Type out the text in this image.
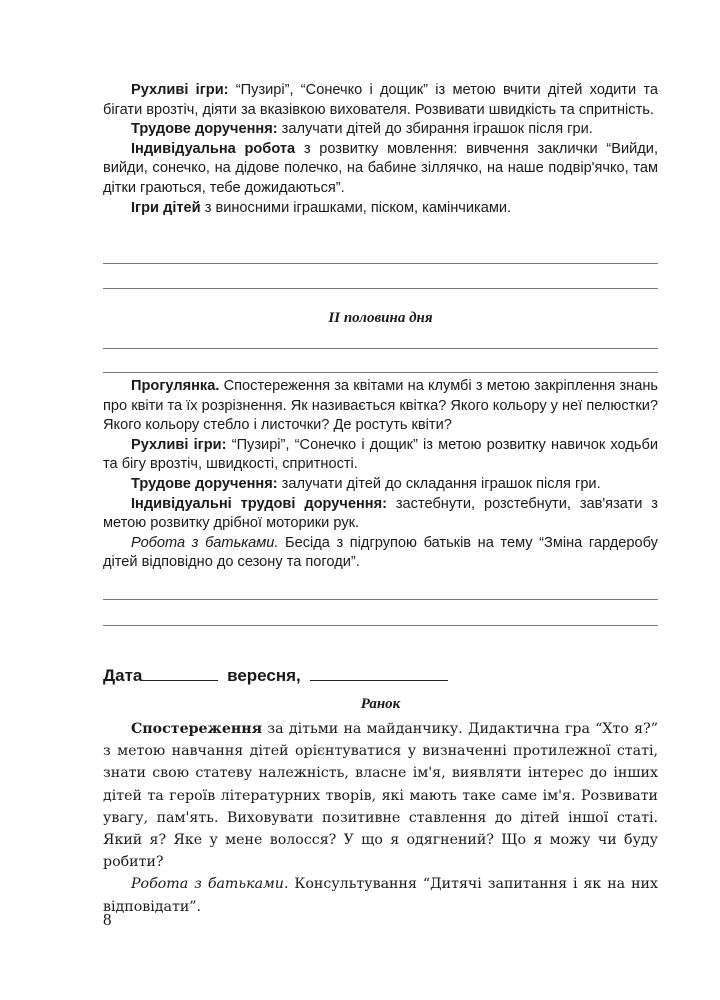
Рухливі ігри: “Пузирі”, “Сонечко і дощик” із метою вчити дітей ходити та бігати врозтіч, діяти за вказівкою вихователя. Розвивати швидкість та спритність.

Трудове доручення: залучати дітей до збирання іграшок після гри.

Індивідуальна робота з розвитку мовлення: вивчення заклички “Вийди, вийди, сонечко, на дідове полечко, на бабине зіллячко, на наше подвір'ячко, там дітки граються, тебе дожидаються”.

Ігри дітей з виносними іграшками, піском, камінчиками.

ІІ половина дня

Прогулянка. Спостереження за квітами на клумбі з метою закріплення знань про квіти та їх розрізнення. Як називається квітка? Якого кольору у неї пелюстки? Якого кольору стебло і листочки? Де ростуть квіти?

Рухливі ігри: “Пузирі”, “Сонечко і дощик” із метою розвитку навичок ходьби та бігу врозтіч, швидкості, спритності.

Трудове доручення: залучати дітей до складання іграшок після гри.

Індивідуальні трудові доручення: застебнути, розстебнути, зав'язати з метою розвитку дрібної моторики рук.

Робота з батьками. Бесіда з підгрупою батьків на тему “Зміна гардеробу дітей відповідно до сезону та погоди”.

Дата	вересня,
Ранок

Спостереження за дітьми на майданчику. Дидактична гра “Хто я?” з метою навчання дітей орієнтуватися у визначенні протилежної статі, знати свою статеву належність, власне ім'я, виявляти інтерес до інших дітей та героїв літературних творів, які мають таке саме ім'я. Розвивати увагу, пам'ять. Виховувати позитивне ставлення до дітей іншої статі. Який я? Яке у мене волосся? У що я одягнений? Що я можу чи буду робити?

Робота з батьками. Консультування “Дитячі запитання і як на них відповідати”.

8
